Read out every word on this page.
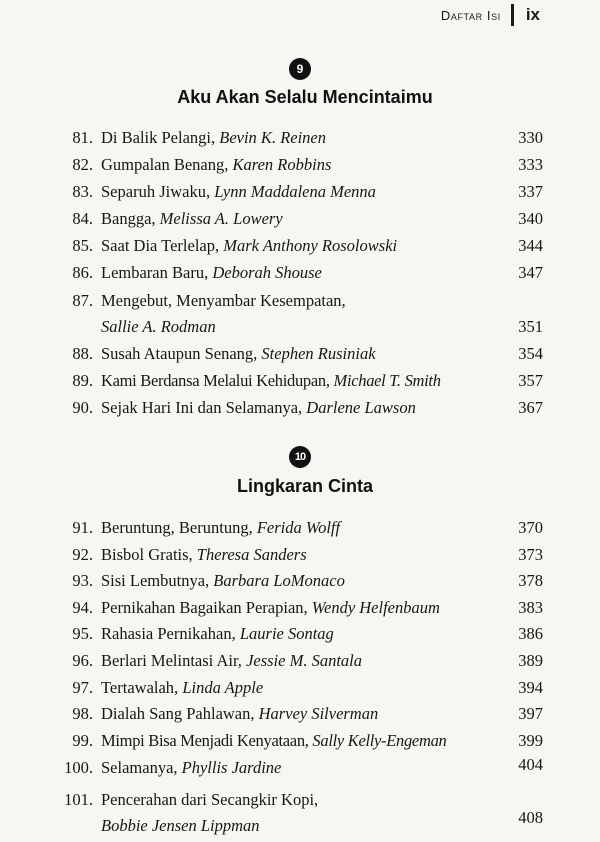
Daftar Isi ix
9
Aku Akan Selalu Mencintaimu
81. Di Balik Pelangi, Bevin K. Reinen	330
82. Gumpalan Benang, Karen Robbins	333
83. Separuh Jiwaku, Lynn Maddalena Menna	337
84. Bangga, Melissa A. Lowery	340
85. Saat Dia Terlelap, Mark Anthony Rosolowski	344
86. Lembaran Baru, Deborah Shouse	347
87. Mengebut, Menyambar Kesempatan,
Sallie A. Rodman	351
88. Susah Ataupun Senang, Stephen Rusiniak	354
89. Kami Berdansa Melalui Kehidupan, Michael T. Smith	357
90. Sejak Hari Ini dan Selamanya, Darlene Lawson	367
10
Lingkaran Cinta
91. Beruntung, Beruntung, Ferida Wolff	370
92. Bisbol Gratis, Theresa Sanders	373
93. Sisi Lembutnya, Barbara LoMonaco	378
94. Pernikahan Bagaikan Perapian, Wendy Helfenbaum	383
95. Rahasia Pernikahan, Laurie Sontag	386
96. Berlari Melintasi Air, Jessie M. Santala	389
97. Tertawalah, Linda Apple	394
98. Dialah Sang Pahlawan, Harvey Silverman	397
99. Mimpi Bisa Menjadi Kenyataan, Sally Kelly-Engeman	399
100. Selamanya, Phyllis Jardine	404
101. Pencerahan dari Secangkir Kopi,
Bobbie Jensen Lippman	408
